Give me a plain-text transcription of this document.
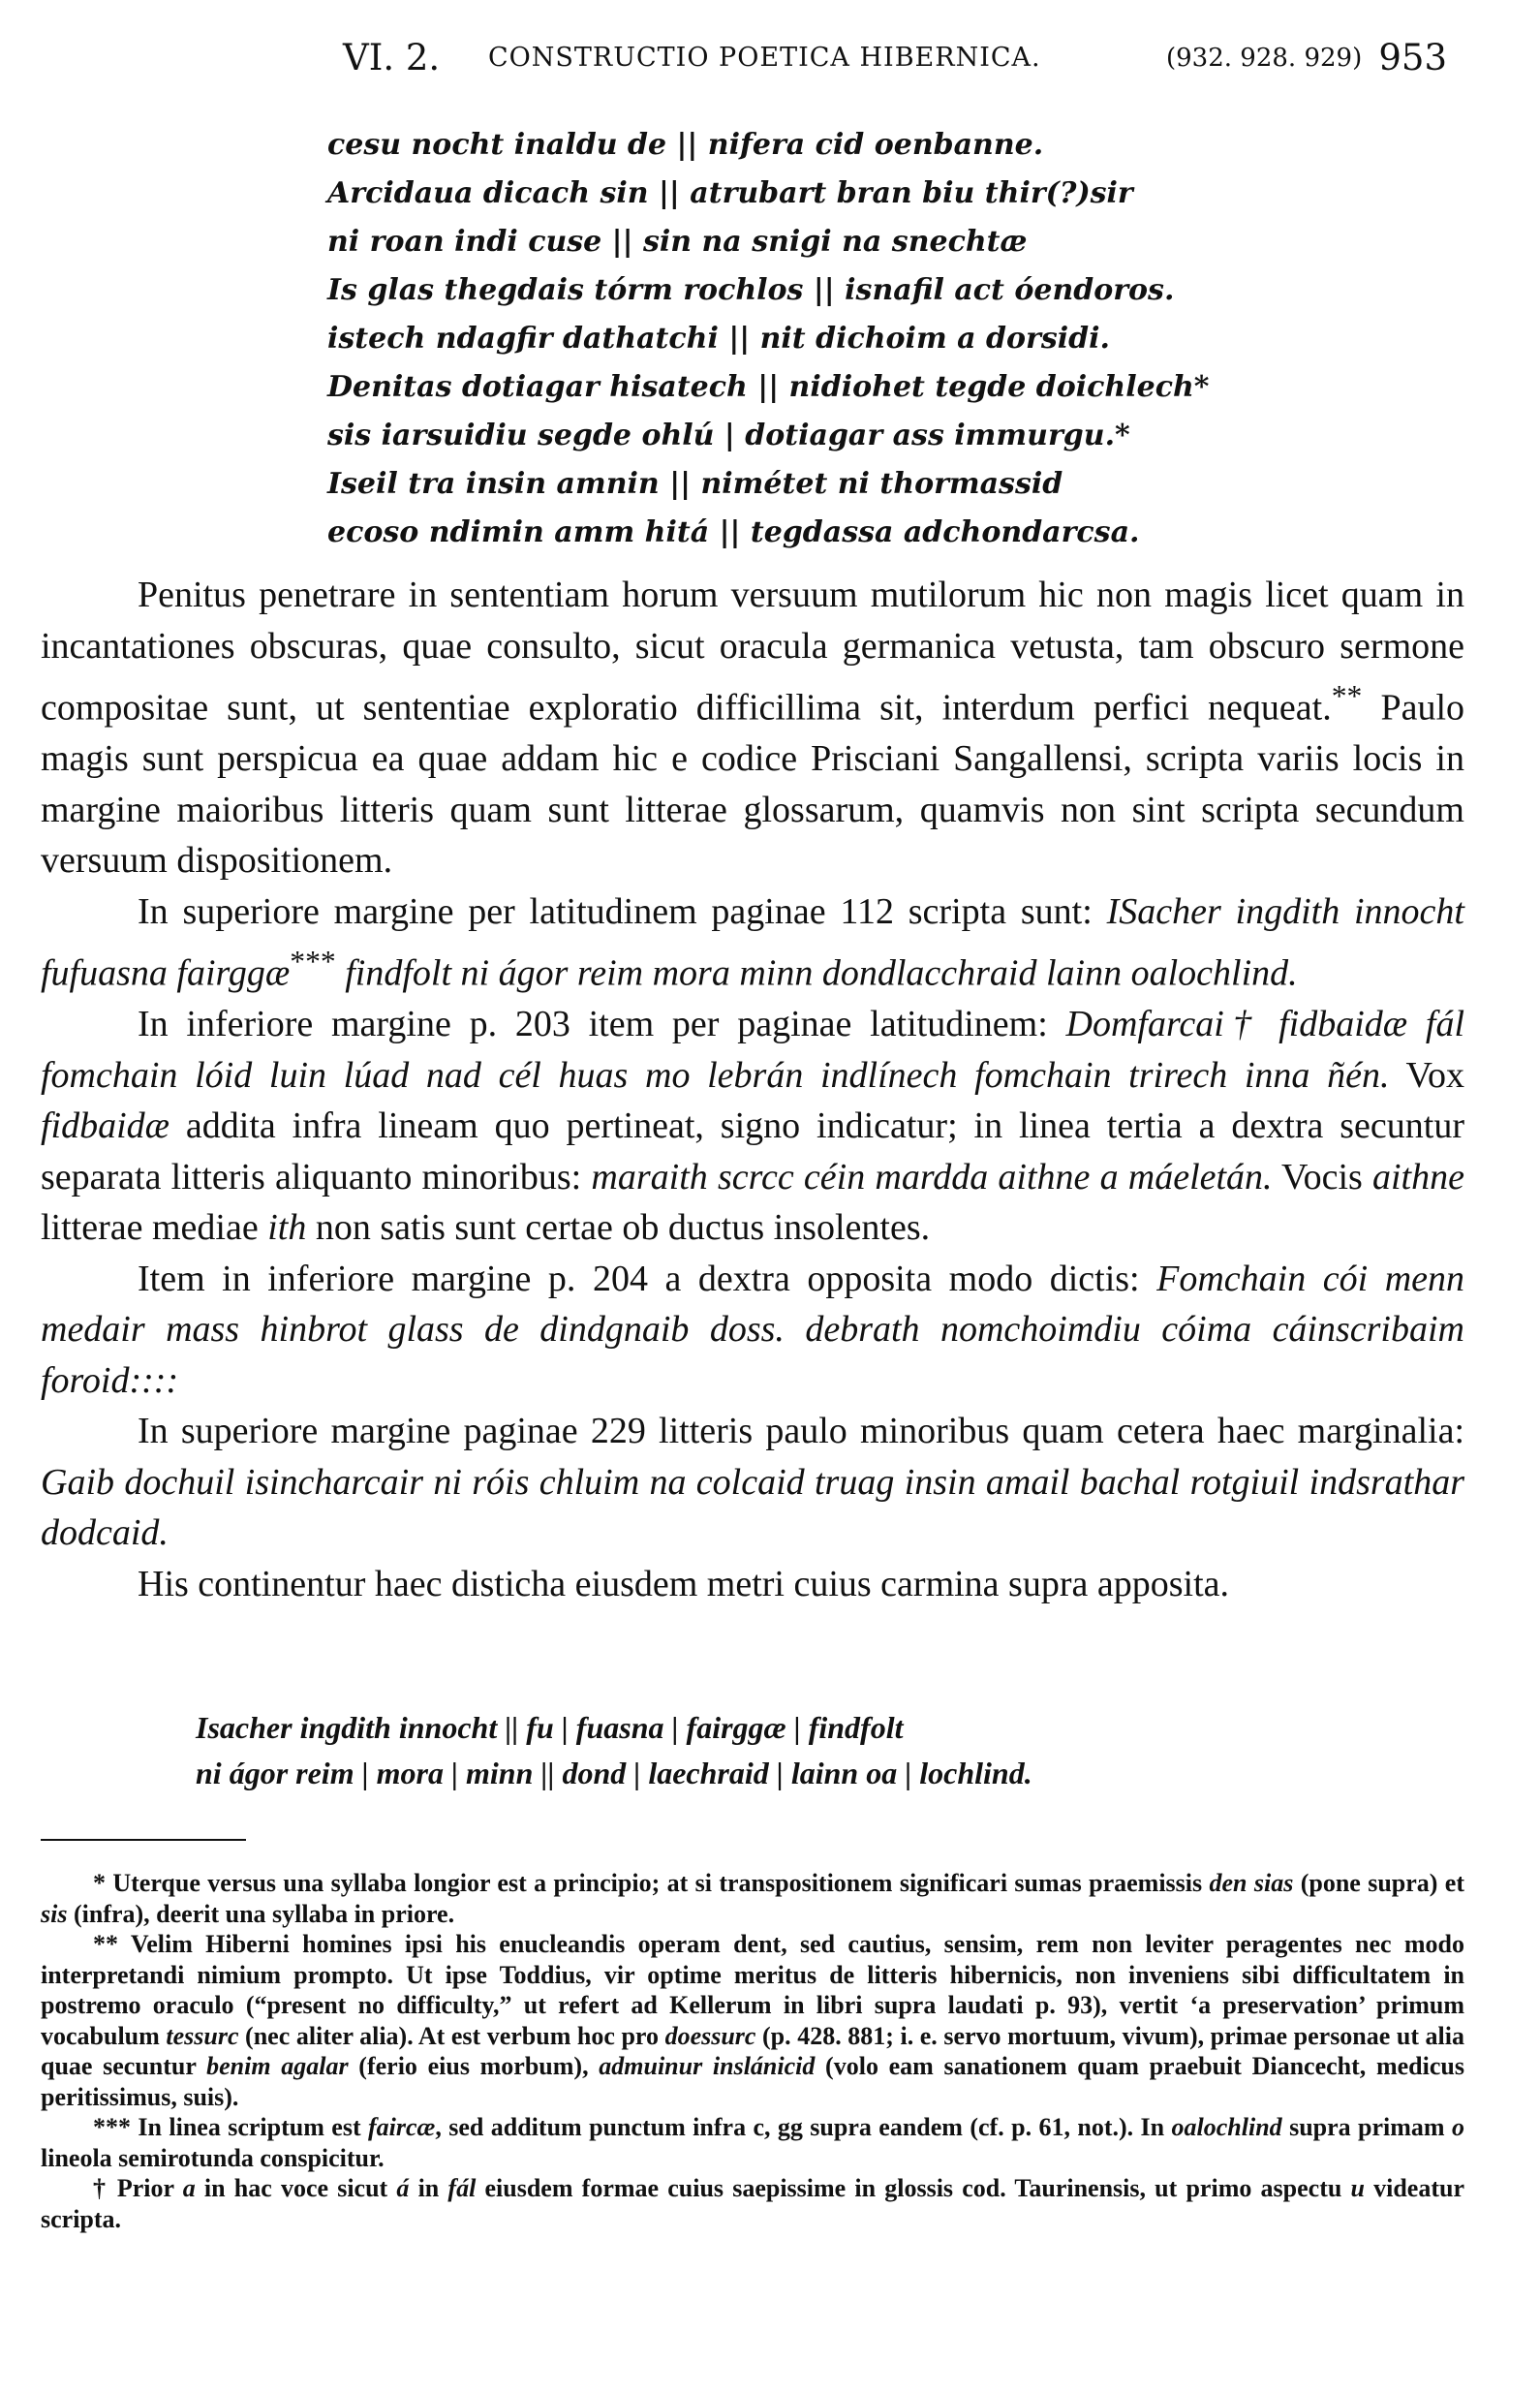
VI. 2. CONSTRUCTIO POETICA HIBERNICA.	(932. 928. 929) 953
cesu nocht inaldu de || nifera cid oenbanne.
Arcidaua dicach sin || atrubart bran biu thir(?)sir
ni roan indi cuse || sin na snigi na snechtæ
Is glas thegdais tórm rochlos || isnafil act óendoros.
istech ndagfir dathatchi || nit dichoim a dorsidi.
Denitas dotiagar hisatech || nidiohet tegde doichlech*
sis iarsuidiu segde ohlú | dotiagar ass immurgu.*
Iseil tra insin amnin || nimétet ni thormassid
ecoso ndimin amm hitá || tegdassa adchondarcsa.

Penitus penetrare in sententiam horum versuum mutilorum hic non magis licet quam in incantationes obscuras, quae consulto, sicut oracula germanica vetusta, tam obscuro sermone compositae sunt, ut sententiae exploratio difficillima sit, interdum perfici nequeat.** Paulo magis sunt perspicua ea quae addam hic e codice Prisciani Sangallensi, scripta variis locis in margine maioribus litteris quam sunt litterae glossarum, quamvis non sint scripta secundum versuum dispositionem.

In superiore margine per latitudinem paginae 112 scripta sunt: ISacher ingdith innocht fufuasna fairggæ*** findfolt ni ágor reim mora minn dondlacchraid lainn oalochlind.

In inferiore margine p. 203 item per paginae latitudinem: Domfarcai† fidbaidæ fál fomchain lóid luin lúad nad cél huas mo lebrán indlínech fomchain trirech inna ñén. Vox fidbaidæ addita infra lineam quo pertineat, signo indicatur; in linea tertia a dextra secuntur separata litteris aliquanto minoribus: maraith scrcc céin mardda aithne a máeletán. Vocis aithne litterae mediae ith non satis sunt certae ob ductus insolentes.

Item in inferiore margine p. 204 a dextra opposita modo dictis: Fomchain cói menn medair mass hinbrot glass de dindgnaib doss. debrath nomchoimdiu cóima cáinscribaim foroid::::

In superiore margine paginae 229 litteris paulo minoribus quam cetera haec marginalia: Gaib dochuil isincharcair ni róis chluim na colcaid truag insin amail bachal rotgiuil indsrathar dodcaid.

His continentur haec disticha eiusdem metri cuius carmina supra apposita.

Isacher ingdith innocht || fu | fuasna | fairggæ | findfolt
ni ágor reim | mora | minn || dond | laechraid | lainn oa | lochlind.

* Uterque versus una syllaba longior est a principio; at si transpositionem significari sumas praemissis den sias (pone supra) et sis (infra), deerit una syllaba in priore.

** Velim Hiberni homines ipsi his enucleandis operam dent, sed cautius, sensim, rem non leviter peragentes nec modo interpretandi nimium prompto. Ut ipse Toddius, vir optime meritus de litteris hibernicis, non inveniens sibi difficultatem in postremo oraculo (“present no difficulty,” ut refert ad Kellerum in libri supra laudati p. 93), vertit ‘a preservation’ primum vocabulum tessurc (nec aliter alia). At est verbum hoc pro doessurc (p. 428. 881; i. e. servo mortuum, vivum), primae personae ut alia quae secuntur benim agalar (ferio eius morbum), admuinur inslánicid (volo eam sanationem quam praebuit Diancecht, medicus peritissimus, suis).

*** In linea scriptum est faircæ, sed additum punctum infra c, gg supra eandem (cf. p. 61, not.). In oalochlind supra primam o lineola semirotunda conspicitur.

† Prior a in hac voce sicut á in fál eiusdem formae cuius saepissime in glossis cod. Taurinensis, ut primo aspectu u videatur scripta.
